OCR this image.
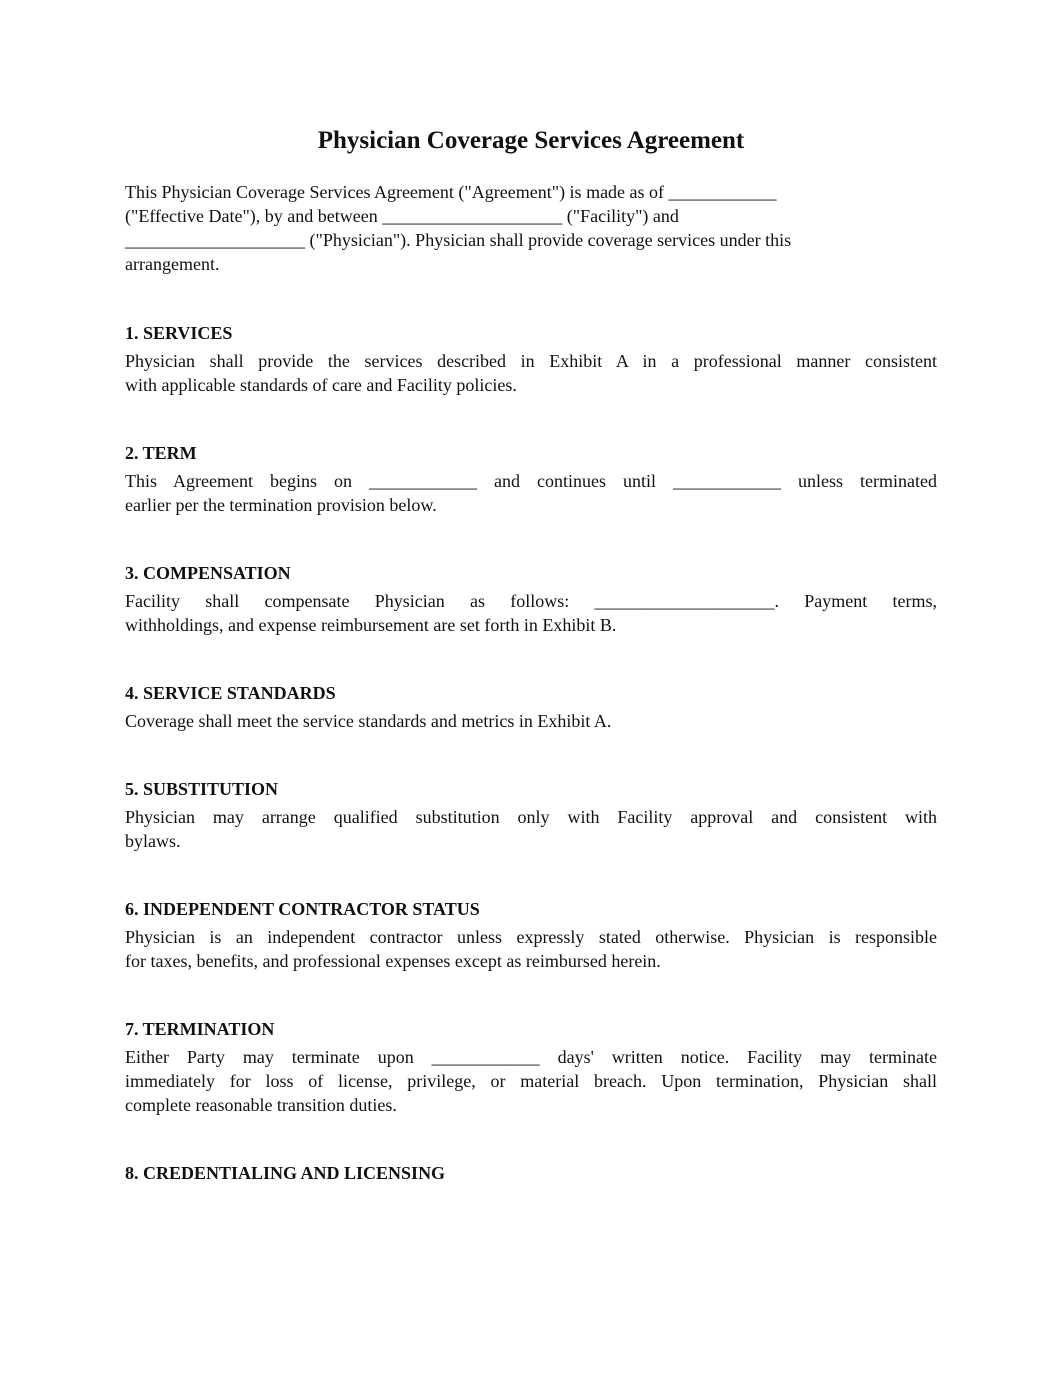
Physician Coverage Services Agreement

This Physician Coverage Services Agreement ("Agreement") is made as of ____________
("Effective Date"), by and between ____________________ ("Facility") and
____________________ ("Physician"). Physician shall provide coverage services under this
arrangement.

1. SERVICES

Physician shall provide the services described in Exhibit A in a professional manner consistent
with applicable standards of care and Facility policies.

2. TERM

This Agreement begins on ____________ and continues until ____________ unless terminated
earlier per the termination provision below.

3. COMPENSATION

Facility shall compensate Physician as follows: ____________________. Payment terms,
withholdings, and expense reimbursement are set forth in Exhibit B.

4. SERVICE STANDARDS

Coverage shall meet the service standards and metrics in Exhibit A.

5. SUBSTITUTION

Physician may arrange qualified substitution only with Facility approval and consistent with
bylaws.

6. INDEPENDENT CONTRACTOR STATUS

Physician is an independent contractor unless expressly stated otherwise. Physician is responsible
for taxes, benefits, and professional expenses except as reimbursed herein.

7. TERMINATION

Either Party may terminate upon ____________ days' written notice. Facility may terminate
immediately for loss of license, privilege, or material breach. Upon termination, Physician shall
complete reasonable transition duties.

8. CREDENTIALING AND LICENSING
